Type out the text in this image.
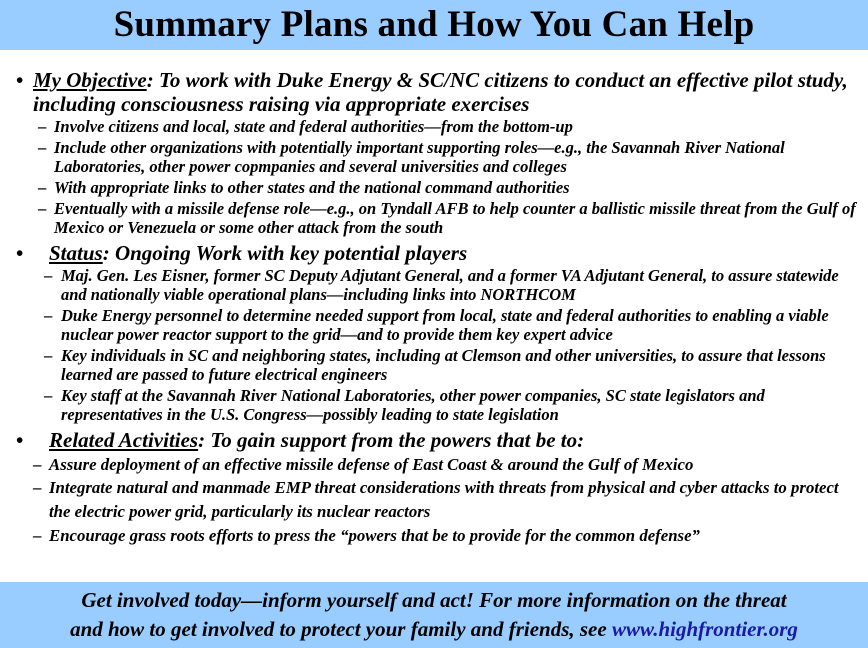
Summary Plans and How You Can Help
• My Objective: To work with Duke Energy & SC/NC citizens to conduct an effective pilot study, including consciousness raising via appropriate exercises
– Involve citizens and local, state and federal authorities—from the bottom-up
– Include other organizations with potentially important supporting roles—e.g., the Savannah River National Laboratories, other power copmpanies and several universities and colleges
– With appropriate links to other states and the national command authorities
– Eventually with a missile defense role—e.g., on Tyndall AFB to help counter a ballistic missile threat from the Gulf of Mexico or Venezuela or some other attack from the south
• Status: Ongoing Work with key potential players
– Maj. Gen. Les Eisner, former SC Deputy Adjutant General, and a former VA Adjutant General, to assure statewide and nationally viable operational plans—including links into NORTHCOM
– Duke Energy personnel to determine needed support from local, state and federal authorities to enabling a viable nuclear power reactor support to the grid—and to provide them key expert advice
– Key individuals in SC and neighboring states, including at Clemson and other universities, to assure that lessons learned are passed to future electrical engineers
– Key staff at the Savannah River National Laboratories, other power companies, SC state legislators and representatives in the U.S. Congress—possibly leading to state legislation
• Related Activities: To gain support from the powers that be to:
– Assure deployment of an effective missile defense of East Coast & around the Gulf of Mexico
– Integrate natural and manmade EMP threat considerations with threats from physical and cyber attacks to protect the electric power grid, particularly its nuclear reactors
– Encourage grass roots efforts to press the “powers that be to provide for the common defense”
Get involved today—inform yourself and act! For more information on the threat
and how to get involved to protect your family and friends, see www.highfrontier.org
